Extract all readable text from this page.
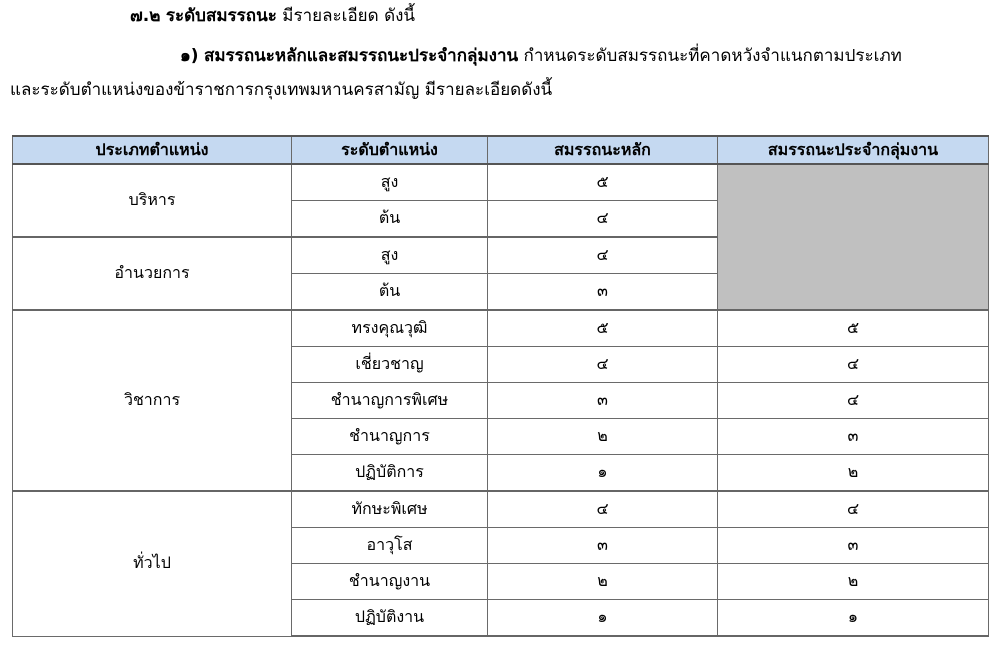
๗.๒ ระดับสมรรถนะ มีรายละเอียด ดังนี้
๑) สมรรถนะหลักและสมรรถนะประจำกลุ่มงาน กำหนดระดับสมรรถนะที่คาดหวังจำแนกตามประเภท
และระดับตำแหน่งของข้าราชการกรุงเทพมหานครสามัญ มีรายละเอียดดังนี้
ประเภทตำแหน่ง	ระดับตำแหน่ง	สมรรถนะหลัก	สมรรถนะประจำกลุ่มงาน
บริหาร	สูง	๕	
	ต้น	๔	
อำนวยการ	สูง	๔	
	ต้น	๓	
วิชาการ	ทรงคุณวุฒิ	๕	๕
	เชี่ยวชาญ	๔	๔
	ชำนาญการพิเศษ	๓	๔
	ชำนาญการ	๒	๓
	ปฏิบัติการ	๑	๒
ทั่วไป	ทักษะพิเศษ	๔	๔
	อาวุโส	๓	๓
	ชำนาญงาน	๒	๒
	ปฏิบัติงาน	๑	๑
